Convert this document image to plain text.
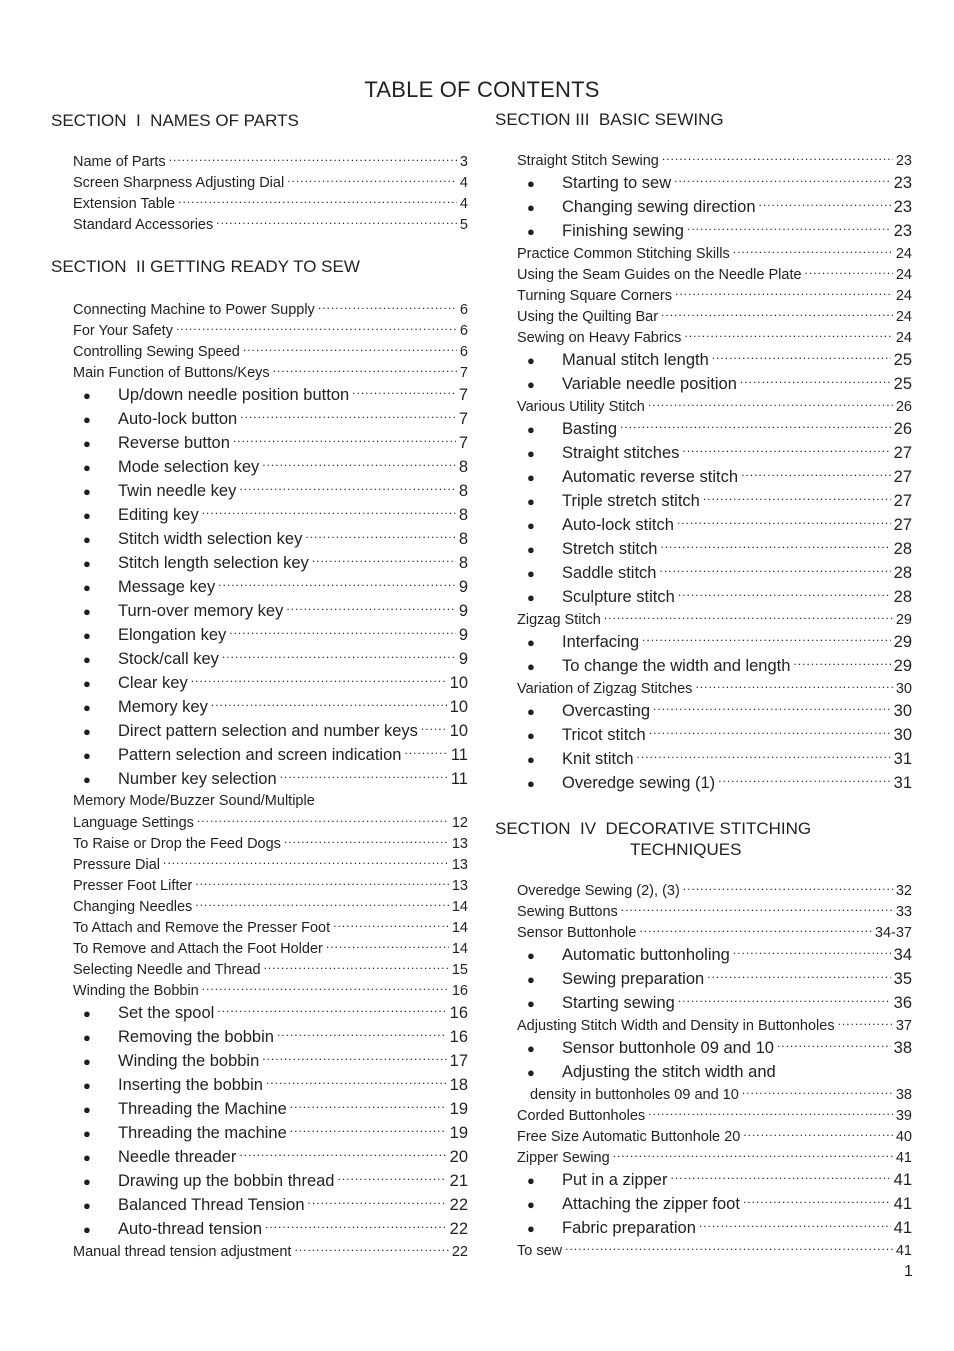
TABLE OF CONTENTS
SECTION  I  NAMES OF PARTS
Name of Parts .....	3
Screen Sharpness Adjusting Dial .....	4
Extension Table .....	4
Standard Accessories .....	5
SECTION  II GETTING READY TO SEW
Connecting Machine to Power Supply .....	6
For Your Safety .....	6
Controlling Sewing Speed .....	6
Main Function of Buttons/Keys .....	7
●	Up/down needle position button .....	7
●	Auto-lock button .....	7
●	Reverse button .....	7
●	Mode selection key .....	8
●	Twin needle key .....	8
●	Editing key .....	8
●	Stitch width selection key .....	8
●	Stitch length selection key .....	8
●	Message key .....	9
●	Turn-over memory key .....	9
●	Elongation key .....	9
●	Stock/call key .....	9
●	Clear key .....	10
●	Memory key .....	10
●	Direct pattern selection and number keys ..... 10
●	Pattern selection and screen indication .....	11
●	Number key selection .....	11
Memory Mode/Buzzer Sound/Multiple
Language Settings .....	12
To Raise or Drop the Feed Dogs .....	13
Pressure Dial .....	13
Presser Foot Lifter .....	13
Changing Needles .....	14
To Attach and Remove the Presser Foot .....	14
To Remove and Attach the Foot Holder .....	14
Selecting Needle and Thread .....	15
Winding the Bobbin .....	16
●	Set the spool .....	16
●	Removing the bobbin .....	16
●	Winding the bobbin .....	17
●	Inserting the bobbin .....	18
●	Threading the Machine .....	19
●	Threading the machine .....	19
●	Needle threader .....	20
●	Drawing up the bobbin thread .....	21
●	Balanced Thread Tension .....	22
●	Auto-thread tension .....	22
Manual thread tension adjustment .....	22
SECTION III  BASIC SEWING
Straight Stitch Sewing .....	23
●	Starting to sew .....	23
●	Changing sewing direction .....	23
●	Finishing sewing .....	23
Practice Common Stitching Skills .....	24
Using the Seam Guides on the Needle Plate .....	24
Turning Square Corners .....	24
Using the Quilting Bar .....	24
Sewing on Heavy Fabrics .....	24
●	Manual stitch length .....	25
●	Variable needle position .....	25
Various Utility Stitch .....	26
●	Basting .....	26
●	Straight stitches .....	27
●	Automatic reverse stitch .....	27
●	Triple stretch stitch .....	27
●	Auto-lock stitch .....	27
●	Stretch stitch .....	28
●	Saddle stitch .....	28
●	Sculpture stitch .....	28
Zigzag Stitch .....	29
●	Interfacing .....	29
●	To change the width and length .....	29
Variation of Zigzag Stitches .....	30
●	Overcasting .....	30
●	Tricot stitch .....	30
●	Knit stitch .....	31
●	Overedge sewing (1) .....	31
SECTION  IV  DECORATIVE STITCHING
TECHNIQUES
Overedge Sewing (2), (3) .....	32
Sewing Buttons .....	33
Sensor Buttonhole .....	34-37
●	Automatic buttonholing .....	34
●	Sewing preparation .....	35
●	Starting sewing .....	36
Adjusting Stitch Width and Density in Buttonholes .....	37
●	Sensor buttonhole 09 and 10 .....	38
●	Adjusting the stitch width and
density in buttonholes 09 and 10 .....	38
Corded Buttonholes .....	39
Free Size Automatic Buttonhole 20 .....	40
Zipper Sewing .....	41
●	Put in a zipper .....	41
●	Attaching the zipper foot .....	41
●	Fabric preparation .....	41
To sew .....	41
1
